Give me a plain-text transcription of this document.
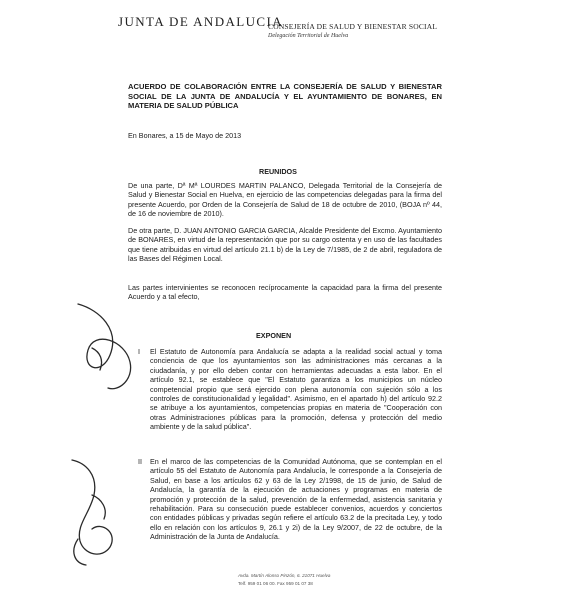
JUNTA DE ANDALUCIA
CONSEJERÍA DE SALUD Y BIENESTAR SOCIAL
Delegación Territorial de Huelva
ACUERDO DE COLABORACIÓN ENTRE LA CONSEJERÍA DE SALUD Y BIENESTAR SOCIAL DE LA JUNTA DE ANDALUCÍA Y EL AYUNTAMIENTO DE BONARES, EN MATERIA DE SALUD PÚBLICA
En Bonares, a 15 de Mayo de 2013
REUNIDOS
De una parte, Dª Mª LOURDES MARTIN PALANCO, Delegada Territorial de la Consejería de Salud y Bienestar Social en Huelva, en ejercicio de las competencias delegadas para la firma del presente Acuerdo, por Orden de la Consejería de Salud de 18 de octubre de 2010, (BOJA nº 44, de 16 de noviembre de 2010).
De otra parte, D. JUAN ANTONIO GARCIA GARCIA, Alcalde Presidente del Excmo. Ayuntamiento de BONARES, en virtud de la representación que por su cargo ostenta y en uso de las facultades que tiene atribuidas en virtud del artículo 21.1 b) de la Ley de 7/1985, de 2 de abril, reguladora de las Bases del Régimen Local.
Las partes intervinientes se reconocen recíprocamente la capacidad para la firma del presente Acuerdo y a tal efecto,
EXPONEN
I El Estatuto de Autonomía para Andalucía se adapta a la realidad social actual y toma conciencia de que los ayuntamientos son las administraciones más cercanas a la ciudadanía, y por ello deben contar con herramientas adecuadas a esta labor. En el artículo 92.1, se establece que "El Estatuto garantiza a los municipios un núcleo competencial propio que será ejercido con plena autonomía con sujeción sólo a los controles de constitucionalidad y legalidad". Asimismo, en el apartado h) del artículo 92.2 se atribuye a los ayuntamientos, competencias propias en materia de "Cooperación con otras Administraciones públicas para la promoción, defensa y protección del medio ambiente y de la salud pública".
II En el marco de las competencias de la Comunidad Autónoma, que se contemplan en el artículo 55 del Estatuto de Autonomía para Andalucía, le corresponde a la Consejería de Salud, en base a los artículos 62 y 63 de la Ley 2/1998, de 15 de junio, de Salud de Andalucía, la garantía de la ejecución de actuaciones y programas en materia de promoción y protección de la salud, prevención de la enfermedad, asistencia sanitaria y rehabilitación. Para su consecución puede establecer convenios, acuerdos y conciertos con entidades públicas y privadas según refiere el artículo 63.2 de la precitada Ley, y todo ello en relación con los artículos 9, 26.1 y 2i) de la Ley 9/2007, de 22 de octubre, de la Administración de la Junta de Andalucía.
Avda. Martín Alonso Pinzón, 6. 21071 Huelva
Telf. 959 01 06 00. Fax 959 01 07 38
